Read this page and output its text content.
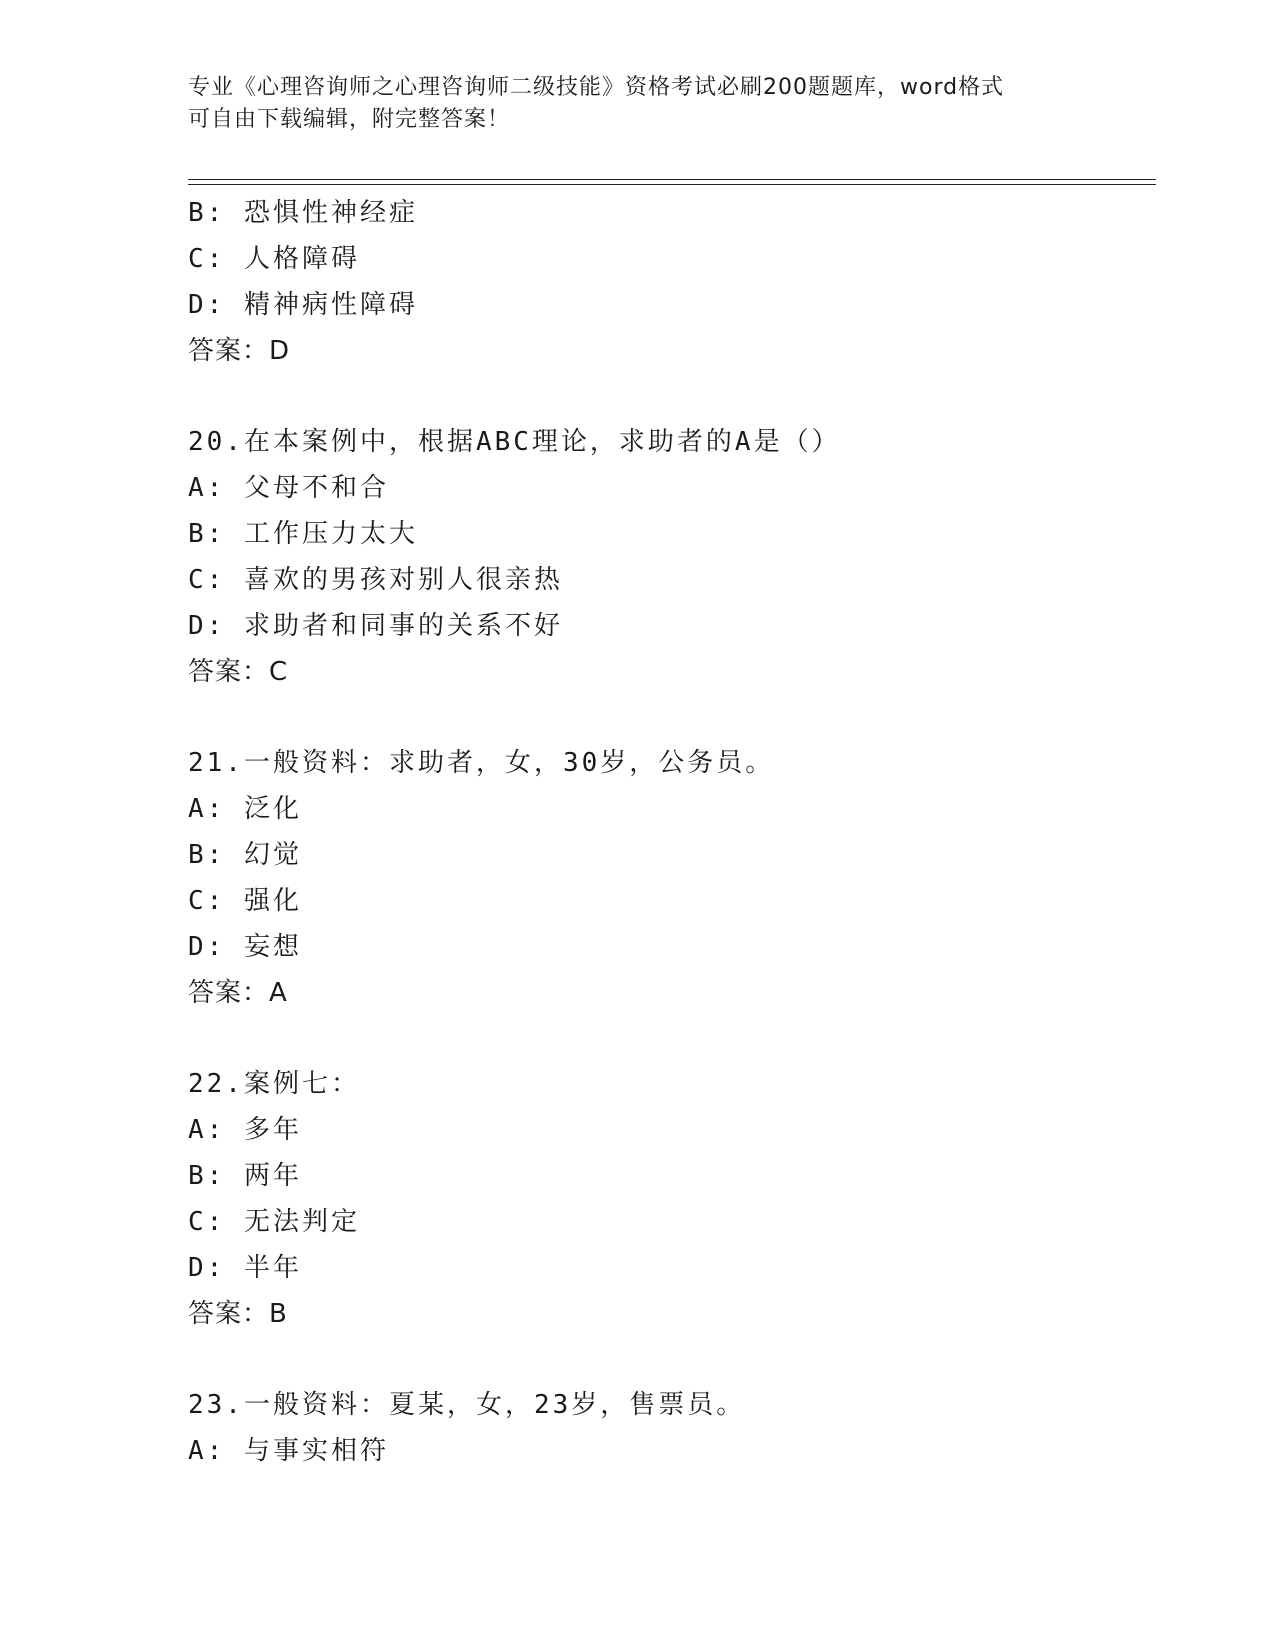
专业《心理咨询师之心理咨询师二级技能》资格考试必刷200题题库，word格式
可自由下载编辑，附完整答案！
B: 恐惧性神经症
C: 人格障碍
D: 精神病性障碍
答案：D
20.在本案例中，根据ABC理论，求助者的A是（）
A: 父母不和合
B: 工作压力太大
C: 喜欢的男孩对别人很亲热
D: 求助者和同事的关系不好
答案：C
21.一般资料：求助者，女，30岁，公务员。
A: 泛化
B: 幻觉
C: 强化
D: 妄想
答案：A
22.案例七：
A: 多年
B: 两年
C: 无法判定
D: 半年
答案：B
23.一般资料：夏某，女，23岁，售票员。
A: 与事实相符
